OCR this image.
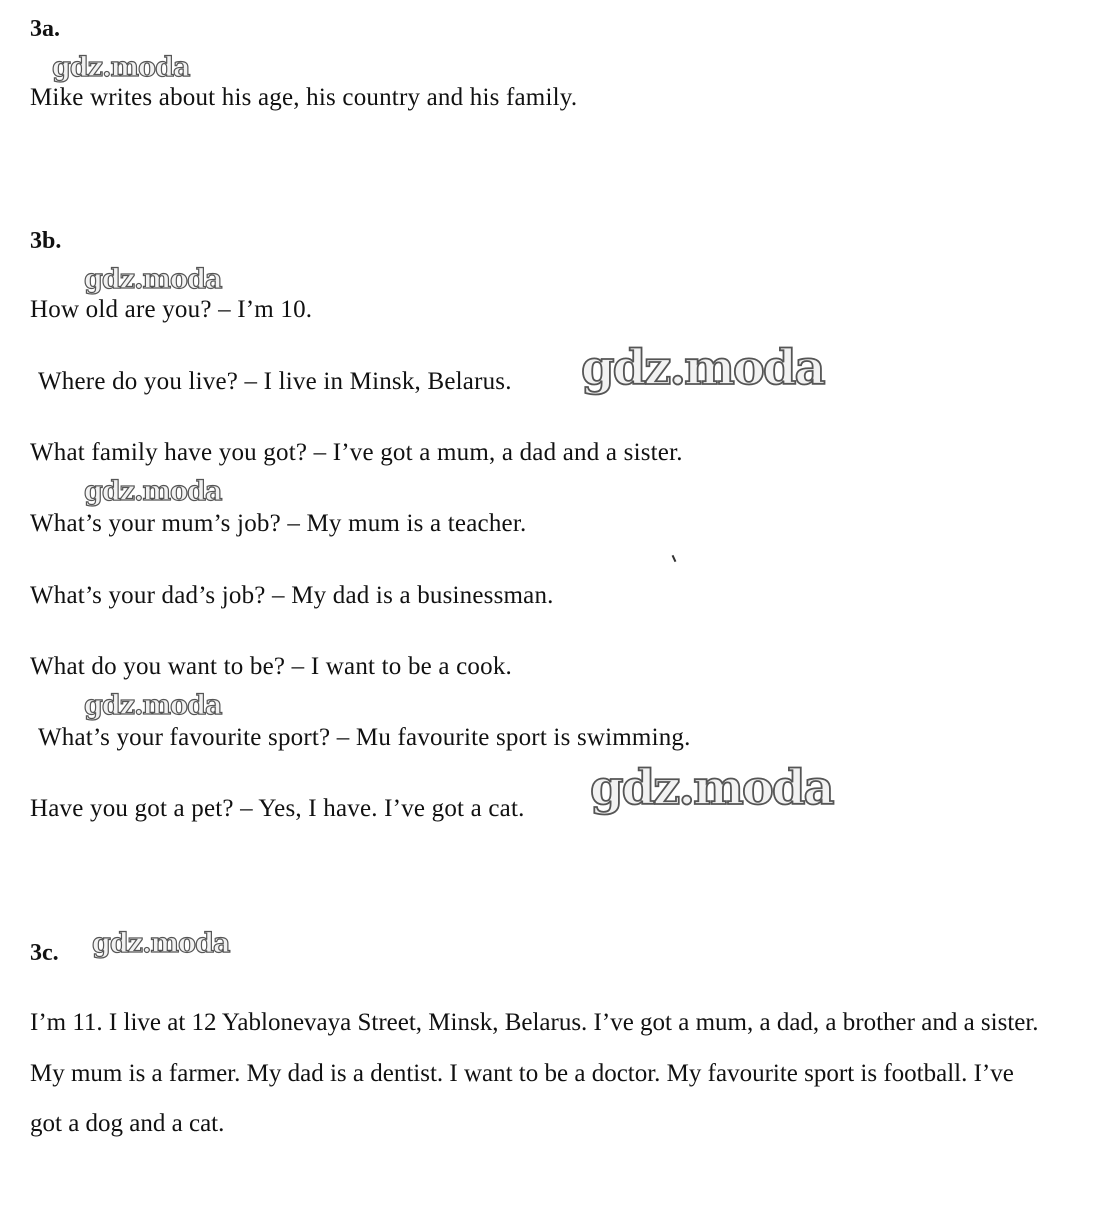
3a.
gdz.moda
Mike writes about his age, his country and his family.
3b.
gdz.moda
How old are you? – I’m 10.
Where do you live? – I live in Minsk, Belarus. gdz.moda
What family have you got? – I’ve got a mum, a dad and a sister.
gdz.moda
What’s your mum’s job? – My mum is a teacher.
What’s your dad’s job? – My dad is a businessman.
What do you want to be? – I want to be a cook.
gdz.moda
What’s your favourite sport? – Mu favourite sport is swimming.
Have you got a pet? – Yes, I have. I’ve got a cat. gdz.moda
3c. gdz.moda
I’m 11. I live at 12 Yablonevaya Street, Minsk, Belarus. I’ve got a mum, a dad, a brother and a sister. My mum is a farmer. My dad is a dentist. I want to be a doctor. My favourite sport is football. I’ve got a dog and a cat.
